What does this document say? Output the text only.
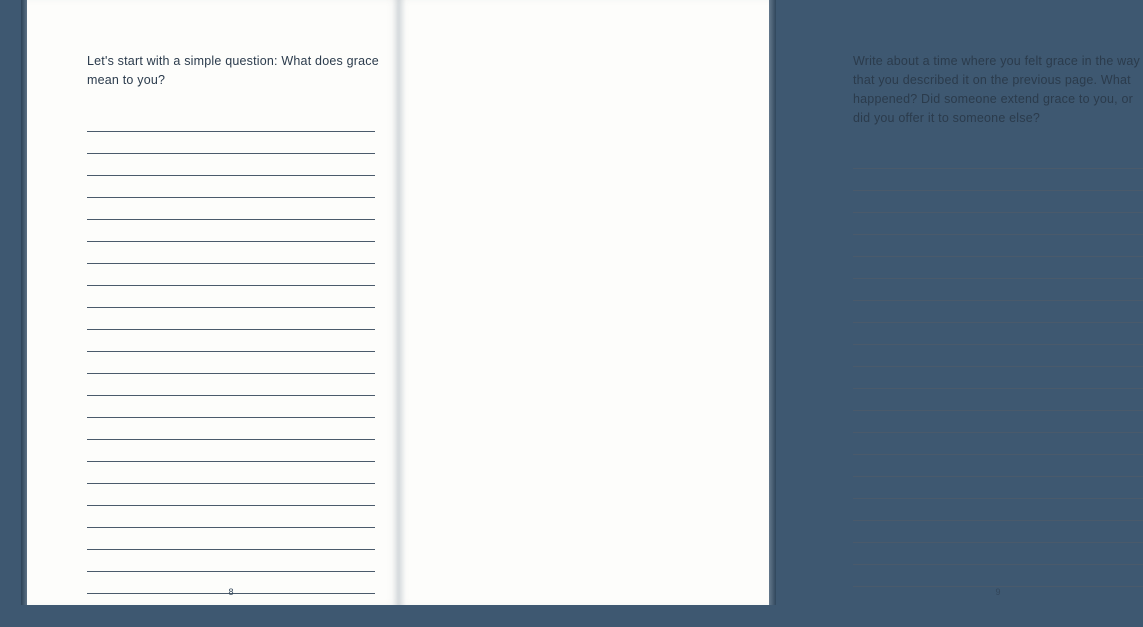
Let's start with a simple question: What does grace mean to you?
8
Write about a time where you felt grace in the way that you described it on the previous page. What happened? Did someone extend grace to you, or did you offer it to someone else?
9
